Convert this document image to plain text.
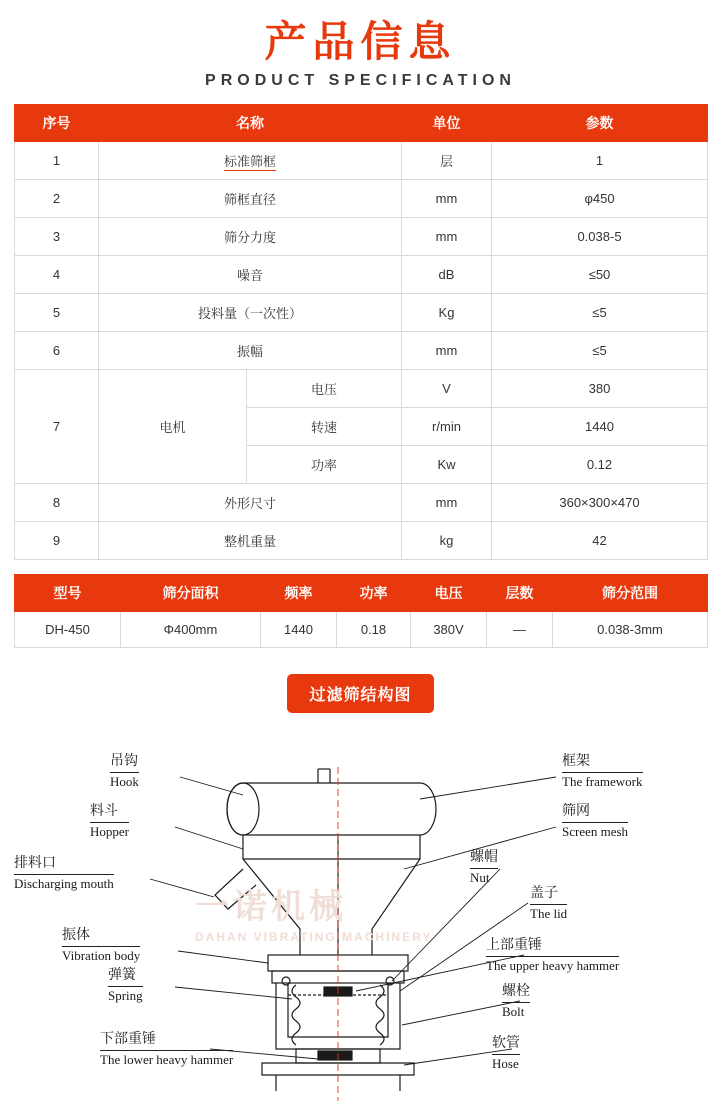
产品信息
PRODUCT SPECIFICATION
序号	名称		单位	参数
1	标准筛框		层	1
2	筛框直径		mm	φ450
3	筛分力度		mm	0.038-5
4	噪音		dB	≤50
5	投料量（一次性）		Kg	≤5
6	振幅		mm	≤5
7	电机	电压	V	380
		转速	r/min	1440
		功率	Kw	0.12
8	外形尺寸		mm	360×300×470
9	整机重量		kg	42
型号	筛分面积	频率	功率	电压	层数	筛分范围
DH-450	Φ400mm	1440	0.18	380V	—	0.038-3mm
过滤筛结构图
一诺机械
DAHAN VIBRATING MACHINERY
吊钩
Hook
料斗
Hopper
排料口
Discharging mouth
振体
Vibration body
弹簧
Spring
下部重锤
The lower heavy hammer
框架
The framework
筛网
Screen mesh
螺帽
Nut
盖子
The lid
上部重锤
The upper heavy hammer
螺栓
Bolt
软管
Hose
